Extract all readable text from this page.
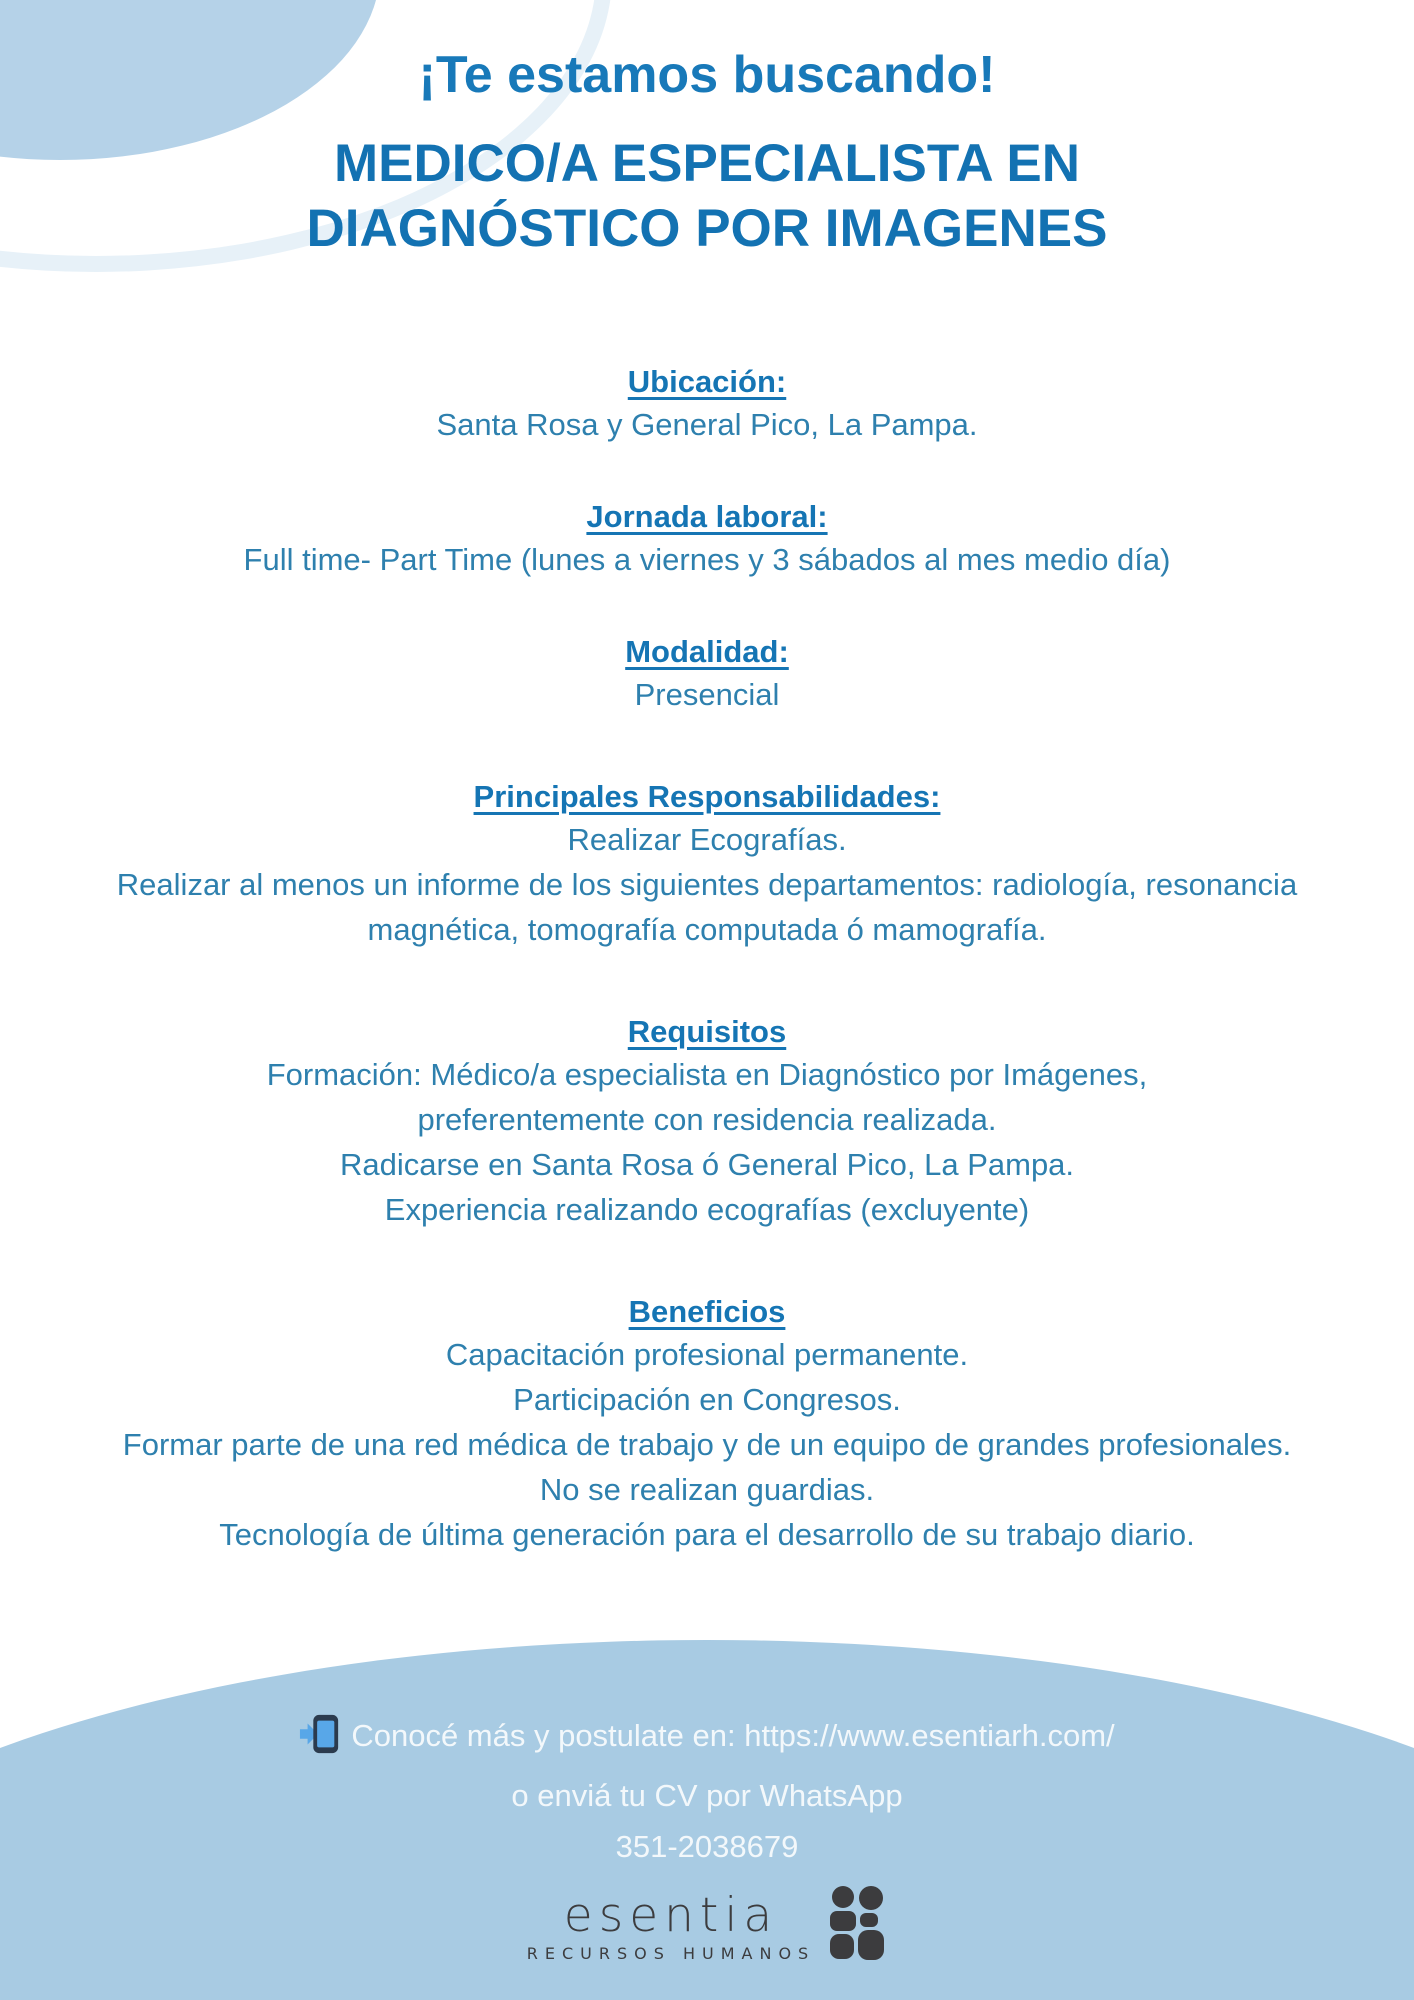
¡Te estamos buscando!
MEDICO/A ESPECIALISTA EN
DIAGNÓSTICO POR IMAGENES
Ubicación:

Santa Rosa y General Pico, La Pampa.

Jornada laboral:

Full time- Part Time (lunes a viernes y 3 sábados al mes medio día)

Modalidad:

Presencial

Principales Responsabilidades:

Realizar Ecografías.

Realizar al menos un informe de los siguientes departamentos: radiología, resonancia

magnética, tomografía computada ó mamografía.

Requisitos

Formación: Médico/a especialista en Diagnóstico por Imágenes,

preferentemente con residencia realizada.

Radicarse en Santa Rosa ó General Pico, La Pampa.

Experiencia realizando ecografías (excluyente)

Beneficios

Capacitación profesional permanente.

Participación en Congresos.

Formar parte de una red médica de trabajo y de un equipo de grandes profesionales.

No se realizan guardias.

Tecnología de última generación para el desarrollo de su trabajo diario.

Conocé más y postulate en: https://www.esentiarh.com/

o enviá tu CV por WhatsApp

351-2038679

esentia
RECURSOS HUMANOS
